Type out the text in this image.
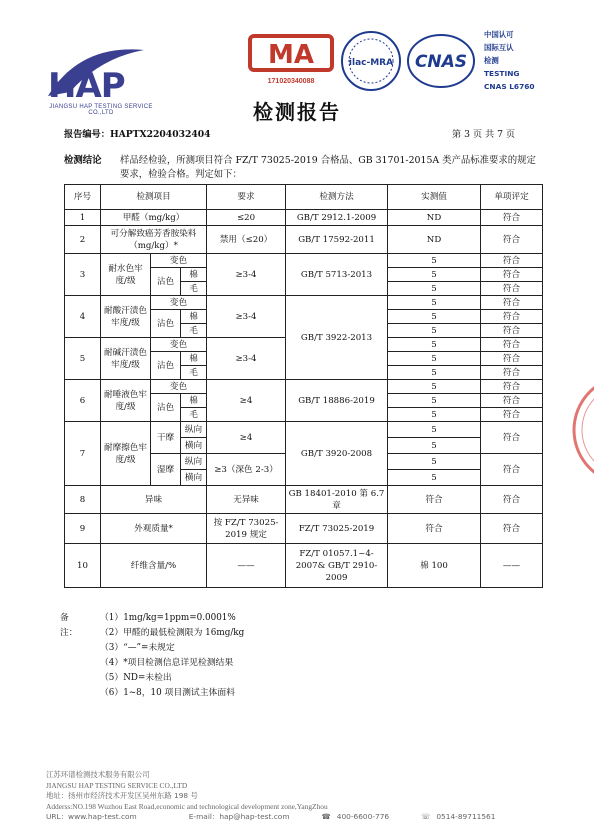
HAP
JIANGSU HAP TESTING SERVICE CO.,LTD
MA
171020340088
ilac-MRA CNAS
中国认可
国际互认
检测
TESTING
CNAS L6760
检测报告
报告编号：HAPTX2204032404	第 3 页 共 7 页
检测结论 样品经检验，所测项目符合 FZ/T 73025-2019 合格品、GB 31701-2015A 类产品标准要求的规定要求，检验合格。判定如下：
序号	检测项目			要求	检测方法	实测值	单项评定
1	甲醛（mg/kg）			≤20	GB/T 2912.1-2009	ND	符合
2	可分解致癌芳香胺染料（mg/kg）*			禁用（≤20）	GB/T 17592-2011	ND	符合
3	耐水色牢度/级	变色		≥3-4	GB/T 5713-2013	5	符合
		沾色	棉			5	符合
			毛			5	符合
4	耐酸汗渍色牢度/级	变色		≥3-4	GB/T 3922-2013	5	符合
		沾色	棉			5	符合
			毛			5	符合
5	耐碱汗渍色牢度/级	变色		≥3-4		5	符合
		沾色	棉			5	符合
			毛			5	符合
6	耐唾液色牢度/级	变色		≥4	GB/T 18886-2019	5	符合
		沾色	棉			5	符合
			毛			5	符合
7	耐摩擦色牢度/级	干摩	纵向	≥4	GB/T 3920-2008	5	符合
			横向			5	
		湿摩	纵向	≥3（深色 2-3）		5	符合
			横向			5	
8	异味			无异味	GB 18401-2010 第 6.7 章	符合	符合
9	外观质量*			按 FZ/T 73025-2019 规定	FZ/T 73025-2019	符合	符合
10	纤维含量/%			——	FZ/T 01057.1~4-2007& GB/T 2910-2009	棉 100	——
备注：
（1）1mg/kg=1ppm=0.0001%
（2）甲醛的最低检测限为 16mg/kg
（3）“—”=未规定
（4）*项目检测信息详见检测结果
（5）ND=未检出
（6）1~8，10 项目测试主体面料
江苏环谱检测技术服务有限公司
JIANGSU HAP TESTING SERVICE CO.,LTD
地址：扬州市经济技术开发区吴州东路 198 号
Adderss:NO.198 Wuzhou East Road,economic and technological development zone,YangZhou
URL：www.hap-test.com	E-mail：hap@hap-test.com	☎ 400-6600-776	☏ 0514-89711561
